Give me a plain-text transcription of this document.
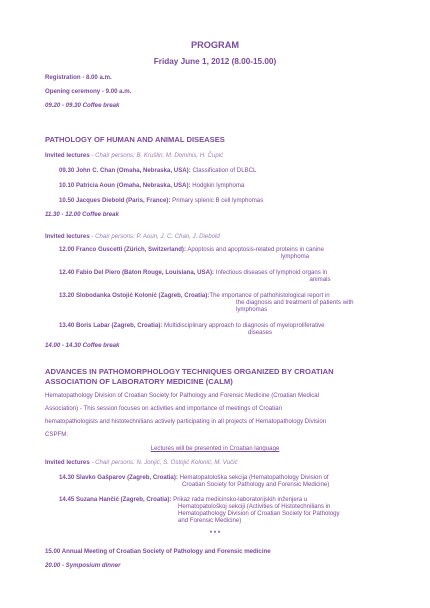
PROGRAM
Friday June 1, 2012 (8.00-15.00)
Registration - 8.00 a.m.
Opening ceremony - 9.00 a.m.
09.20 - 09.30 Coffee break
PATHOLOGY OF HUMAN AND ANIMAL DISEASES
Invited lectures - Chair persons: B. Krušlin, M. Dominis, H. Čupić
09.30 John C. Chan (Omaha, Nebraska, USA): Classification of DLBCL
10.10 Patricia Aoun (Omaha, Nebraska, USA): Hodgkin lymphoma
10.50 Jacques Diebold (Paris, France): Primary splenic B cell lymphomas
11.30 - 12.00 Coffee break
Invited lectures - Chair persons: P. Aoun, J. C. Chan, J. Diebold
12.00 Franco Guscetti (Zürich, Switzerland): Apoptosis and apoptosis-related proteins in canine
lymphoma
12.40 Fabio Del Piero (Baton Rouge, Louisiana, USA): Infectious diseases of lymphoid organs in
animals
13.20 Slobodanka Ostojić Kolonić (Zagreb, Croatia):The importance of pathohistological report in
the diagnosis and treatment of patients with
lymphomas
13.40 Boris Labar (Zagreb, Croatia): Multidisciplinary approach to diagnosis of myeloproliferative
diseases
14.00 - 14.30 Coffee break
ADVANCES IN PATHOMORPHOLOGY TECHNIQUES ORGANIZED BY CROATIAN
ASSOCIATION OF LABORATORY MEDICINE (CALM)
Hematopathology Division of Croatian Society for Pathology and Forensic Medicine (Croatian Medical
Association) - This session focuses on activities and importance of meetings of Croatian
hematopathologists and histotechnilians actively participating in all projects of Hematopathology Division
CSPFM.
Lectures will be presented in Croatian language
Invited lectures - Chair persons: N. Jonjić, S. Ostojić Kolonić, M. Vučić
14.30 Slavko Gašparov (Zagreb, Croatia): Hematopatološka sekcija (Hematopathology Division of
Croatian Society for Pathology and Forensic Medicine)
14.45 Suzana Hančić (Zagreb, Croatia): Prikaz rada medicinsko-laboratorijskih inženjera u
Hematopatološkoj sekciji (Activities of Histotechnilians in
Hematopathology Division of Croatian Society for Pathology
and Forensic Medicine)
* * *
15.00 Annual Meeting of Croatian Society of Pathology and Forensic medicine
20.00 - Symposium dinner
